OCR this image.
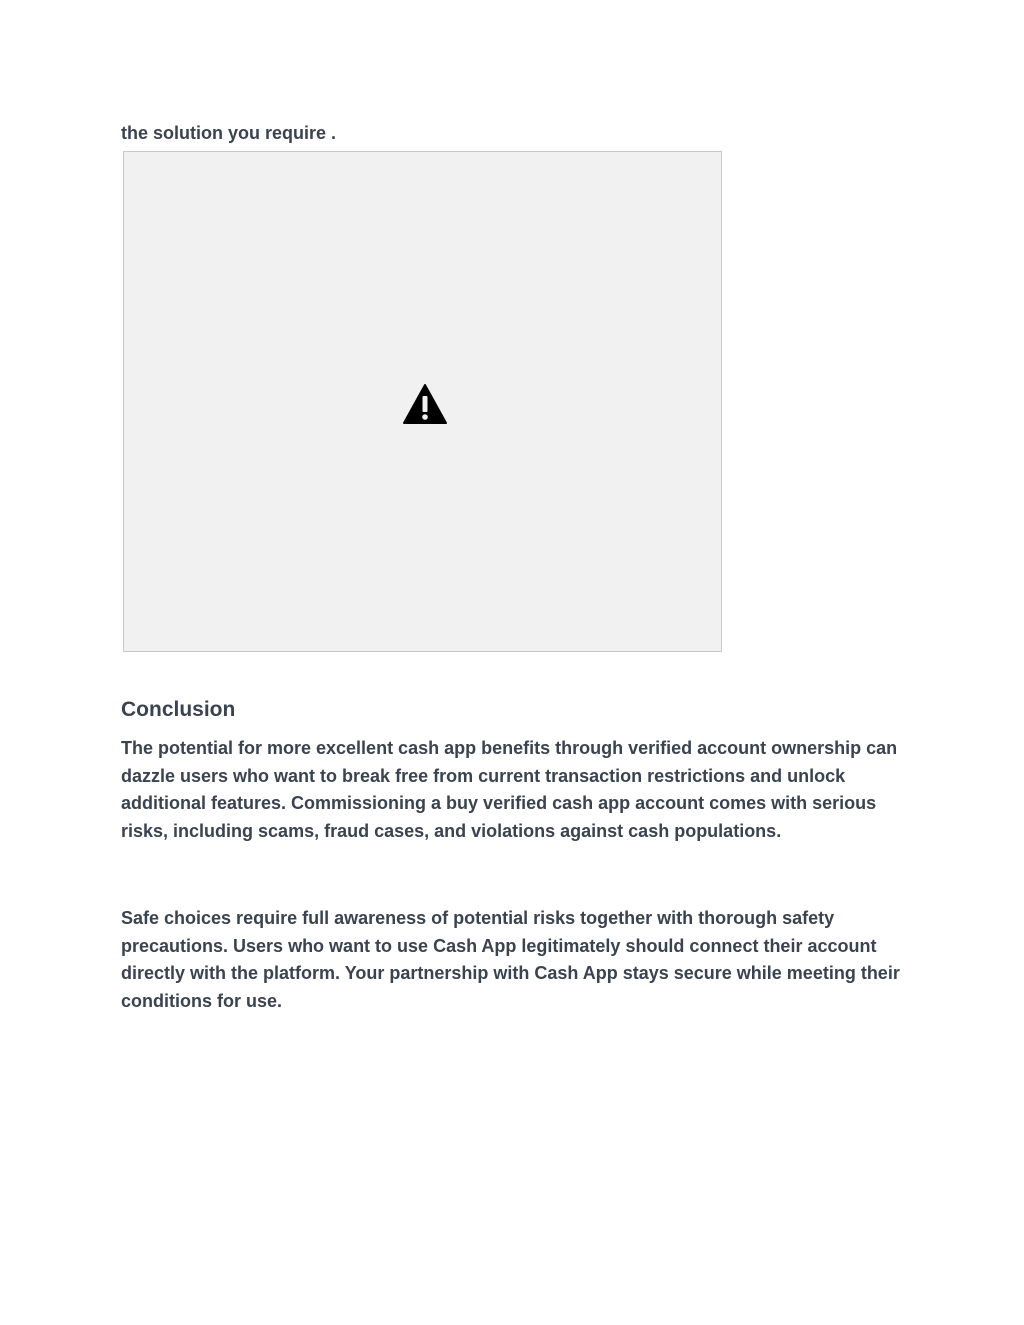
the solution you require .

Conclusion

The potential for more excellent cash app benefits through verified account ownership can dazzle users who want to break free from current transaction restrictions and unlock additional features. Commissioning a buy verified cash app account comes with serious risks, including scams, fraud cases, and violations against cash populations.

Safe choices require full awareness of potential risks together with thorough safety precautions. Users who want to use Cash App legitimately should connect their account directly with the platform. Your partnership with Cash App stays secure while meeting their conditions for use.
